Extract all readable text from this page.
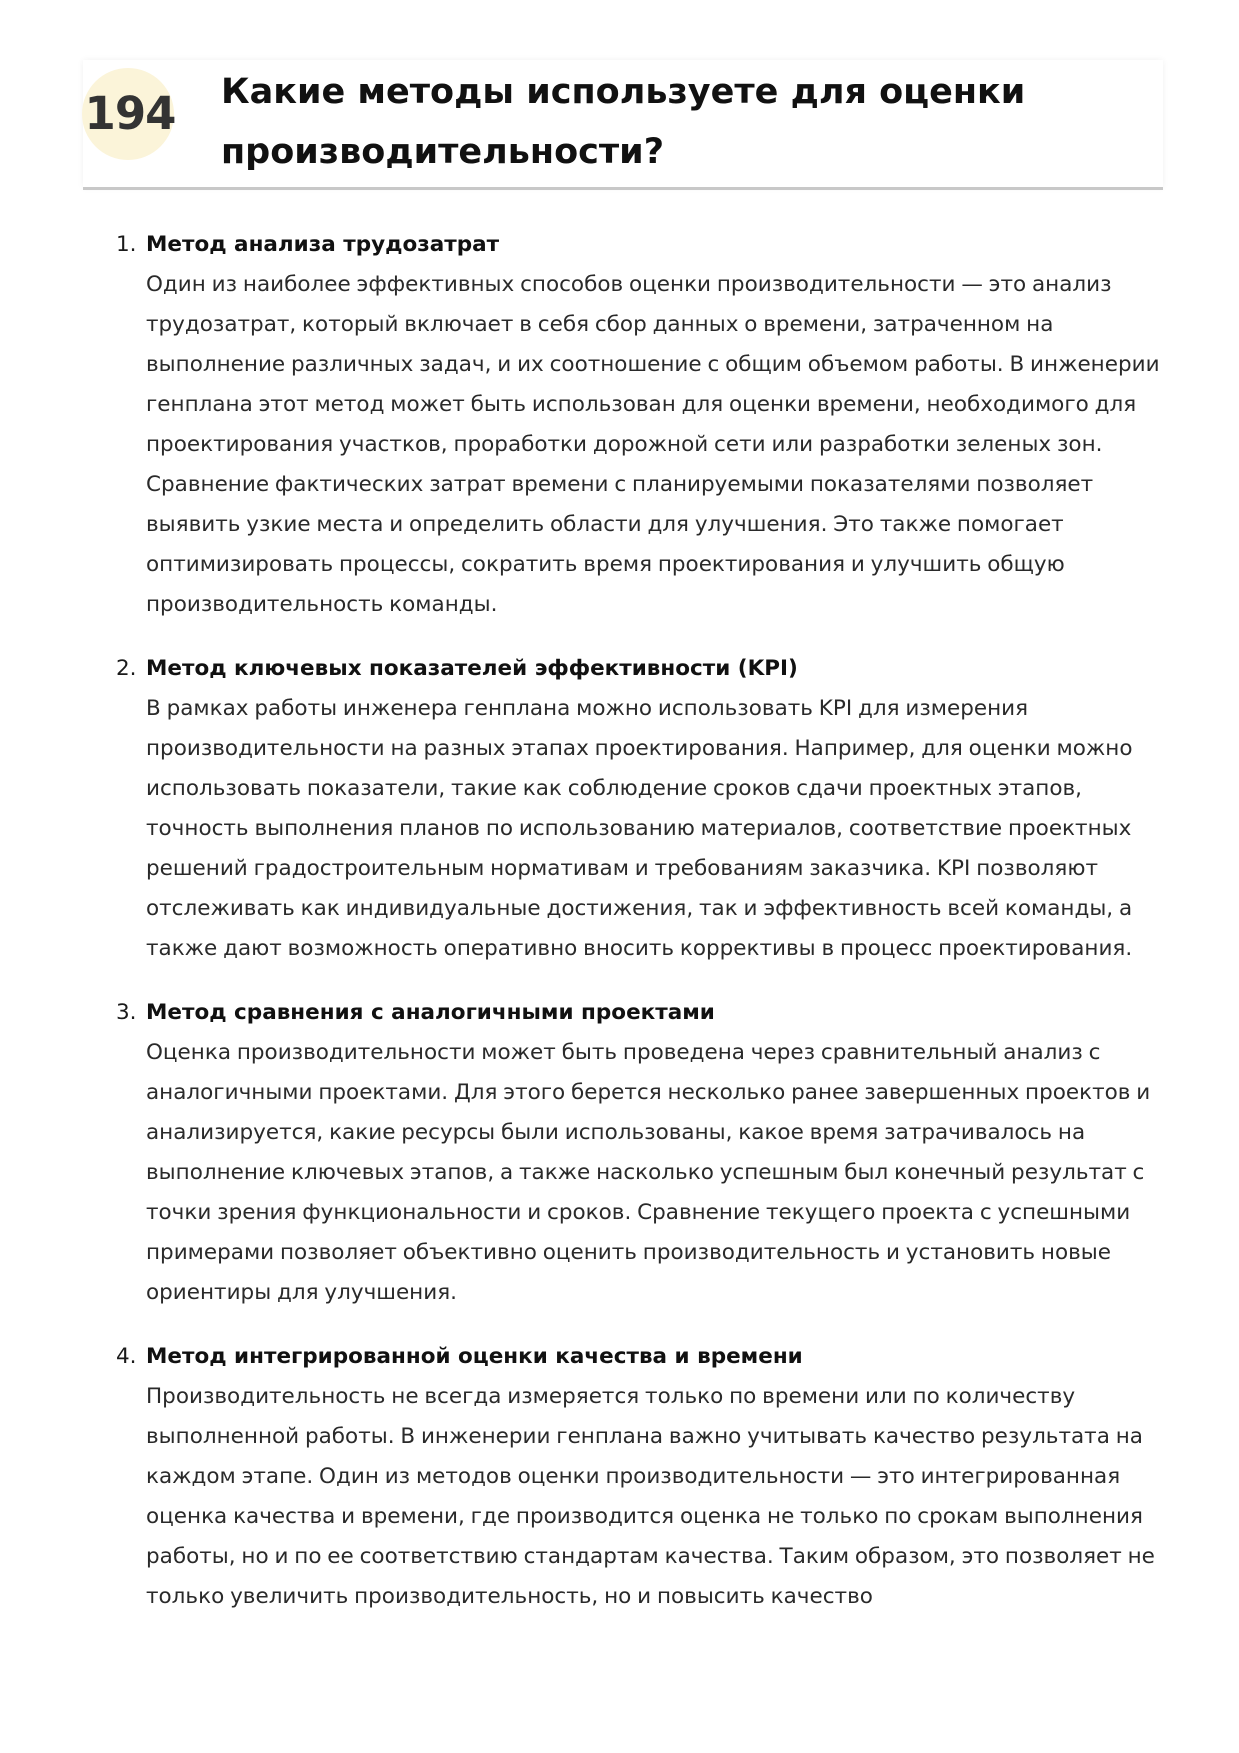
194 Какие методы используете для оценки производительности?
1. Метод анализа трудозатрат

Один из наиболее эффективных способов оценки производительности — это анализ трудозатрат, который включает в себя сбор данных о времени, затраченном на выполнение различных задач, и их соотношение с общим объемом работы. В инженерии генплана этот метод может быть использован для оценки времени, необходимого для проектирования участков, проработки дорожной сети или разработки зеленых зон. Сравнение фактических затрат времени с планируемыми показателями позволяет выявить узкие места и определить области для улучшения. Это также помогает оптимизировать процессы, сократить время проектирования и улучшить общую производительность команды.

2. Метод ключевых показателей эффективности (KPI)

В рамках работы инженера генплана можно использовать KPI для измерения производительности на разных этапах проектирования. Например, для оценки можно использовать показатели, такие как соблюдение сроков сдачи проектных этапов, точность выполнения планов по использованию материалов, соответствие проектных решений градостроительным нормативам и требованиям заказчика. KPI позволяют отслеживать как индивидуальные достижения, так и эффективность всей команды, а также дают возможность оперативно вносить коррективы в процесс проектирования.

3. Метод сравнения с аналогичными проектами

Оценка производительности может быть проведена через сравнительный анализ с аналогичными проектами. Для этого берется несколько ранее завершенных проектов и анализируется, какие ресурсы были использованы, какое время затрачивалось на выполнение ключевых этапов, а также насколько успешным был конечный результат с точки зрения функциональности и сроков. Сравнение текущего проекта с успешными примерами позволяет объективно оценить производительность и установить новые ориентиры для улучшения.

4. Метод интегрированной оценки качества и времени

Производительность не всегда измеряется только по времени или по количеству выполненной работы. В инженерии генплана важно учитывать качество результата на каждом этапе. Один из методов оценки производительности — это интегрированная оценка качества и времени, где производится оценка не только по срокам выполнения работы, но и по ее соответствию стандартам качества. Таким образом, это позволяет не только увеличить производительность, но и повысить качество
